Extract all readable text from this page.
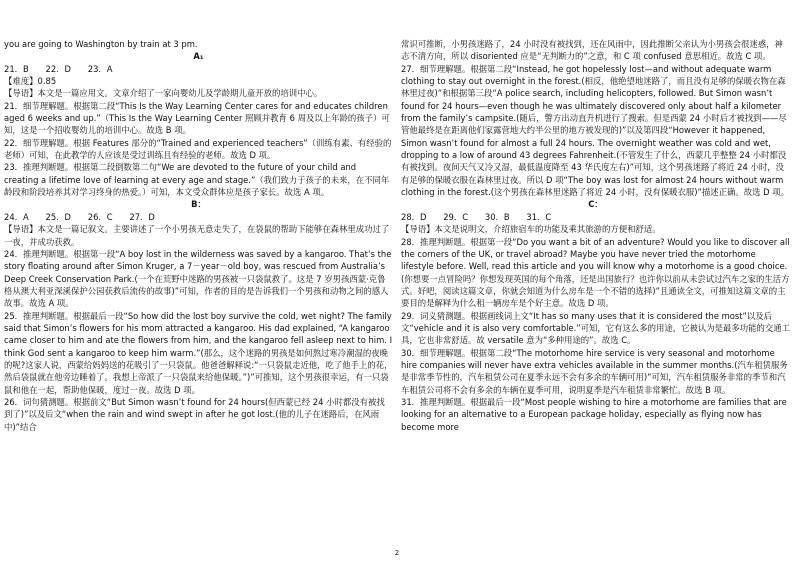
you are going to Washington by train at 3 pm.

A₁

21．B　　22．D　　23．A

【难度】0.85

【导语】本文是一篇应用文。文章介绍了一家向婴幼儿及学龄期儿童开放的培训中心。

21．细节理解题。根据第二段“This Is the Way Learning Center cares for and educates children aged 6 weeks and up.”（This Is the Way Learning Center 照顾并教育 6 周及以上年龄的孩子）可知，这是一个招收婴幼儿的培训中心。故选 B 项。

22．细节理解题。根据 Features 部分的“Trained and experienced teachers”（训练有素、有经验的老师）可知，在此教学的人应该是受过训练且有经验的老师。故选 D 项。

23．推理判断题。根据第二段倒数第二句“We are devoted to the future of your child and creating a lifetime love of learning at every age and stage.”（我们致力于孩子的未来，在不同年龄段和阶段培养其对学习终身的热爱。）可知，本文受众群体应是孩子家长。故选 A 项。

B：

24．A　　25．D　　26．C　　27．D

【导语】本文是一篇记叙文。主要讲述了一个小男孩无意走失了，在袋鼠的帮助下能够在森林里成功过了一夜，并成功获救。

24．推理判断题。根据第一段“A boy lost in the wilderness was saved by a kangaroo. That’s the story floating around after Simon Kruger, a 7－year－old boy, was rescued from Australia’s Deep Creek Conservation Park.(一个在荒野中迷路的男孩被一只袋鼠救了。这是 7 岁男孩西蒙·克鲁格从澳大利亚深溪保护公园获救后流传的故事)”可知，作者的目的是告诉我们一个男孩和动物之间的感人故事。故选 A 项。

25．推理判断题。根据最后一段“So how did the lost boy survive the cold, wet night? The family said that Simon’s flowers for his mom attracted a kangaroo. His dad explained, “A kangaroo came closer to him and ate the flowers from him, and the kangaroo fell asleep next to him. I think God sent a kangaroo to keep him warm.”(那么，这个迷路的男孩是如何熬过寒冷潮湿的夜晚的呢?这家人说，西蒙给妈妈送的花吸引了一只袋鼠。他爸爸解释说:“一只袋鼠走近他，吃了他手上的花，然后袋鼠就在他旁边睡着了。我想上帝派了一只袋鼠来给他保暖。”)”可推知，这个男孩很幸运，有一只袋鼠和他在一起，帮助他保暖，度过一夜。故选 D 项。

26．词句猜测题。根据前文“But Simon wasn’t found for 24 hours(但西蒙已经 24 小时都没有被找到了)”以及后文“when the rain and wind swept in after he got lost.(他的儿子在迷路后，在风雨中)”结合

常识可推断，小男孩迷路了，24 小时没有被找到，还在风雨中，因此推断父亲认为小男孩会很迷惑，神志不清方向，所以 disoriented 应是“无判断力的”之意，和 C 项 confused 意思相近。故选 C 项。

27．细节理解题。根据第二段“Instead, he got hopelessly lost—and without adequate warm clothing to stay out overnight in the forest.(相反，他绝望地迷路了，而且没有足够的保暖衣物在森林里过夜)”和根据第三段“A police search, including helicopters, followed. But Simon wasn’t found for 24 hours—even though he was ultimately discovered only about half a kilometer from the family’s campsite.(随后，警方出动直升机进行了搜索。但是西蒙 24 小时后才被找到——尽管他最终是在距离他们家露营地大约半公里的地方被发现的)”以及第四段“However it happened, Simon wasn’t found for almost a full 24 hours. The overnight weather was cold and wet, dropping to a low of around 43 degrees Fahrenheit.(不管发生了什么，西蒙几乎整整 24 小时都没有被找到。夜间天气又冷又湿，最低温度降至 43 华氏度左右)”可知，这个男孩迷路了将近 24 小时，没有足够的保暖衣服在森林里过夜。所以 D 项“The boy was lost for almost 24 hours without warm clothing in the forest.(这个男孩在森林里迷路了将近 24 小时，没有保暖衣服)”描述正确。故选 D 项。

C：

28．D　　29．C　　30．B　　31．C

【导语】本文是说明文，介绍旅宿车的功能及乘其旅游的方便和舒适。

28．推理判断题。根据第一段“Do you want a bit of an adventure? Would you like to discover all the corners of the UK, or travel abroad? Maybe you have never tried the motorhome lifestyle before. Well, read this article and you will know why a motorhome is a good choice.(你想要一点冒险吗？你想发现英国的每个角落，还是出国旅行？也许你以前从未尝试过汽车之家的生活方式。好吧，阅读这篇文章，你就会知道为什么房车是一个不错的选择)”且通读全文，可推知这篇文章的主要目的是解释为什么租一辆房车是个好主意。故选 D 项。

29．词义猜测题。根据画线词上文“It has so many uses that it is considered the most”以及后文“vehicle and it is also very comfortable.”可知，它有这么多的用途，它被认为是最多功能的交通工具，它也非常舒适。故 versatile 意为“多种用途的”。故选 C。

30．细节理解题。根据第二段“The motorhome hire service is very seasonal and motorhome hire companies will never have extra vehicles available in the summer months.(汽车租赁服务是非常季节性的，汽车租赁公司在夏季永远不会有多余的车辆可用)”可知，汽车租赁服务非常的季节和汽车租赁公司将不会有多余的车辆在夏季可用，说明夏季是汽车租赁非常繁忙。故选 B 项。

31．推理判断题。根据最后一段“Most people wishing to hire a motorhome are families that are looking for an alternative to a European package holiday, especially as flying now has become more

2
